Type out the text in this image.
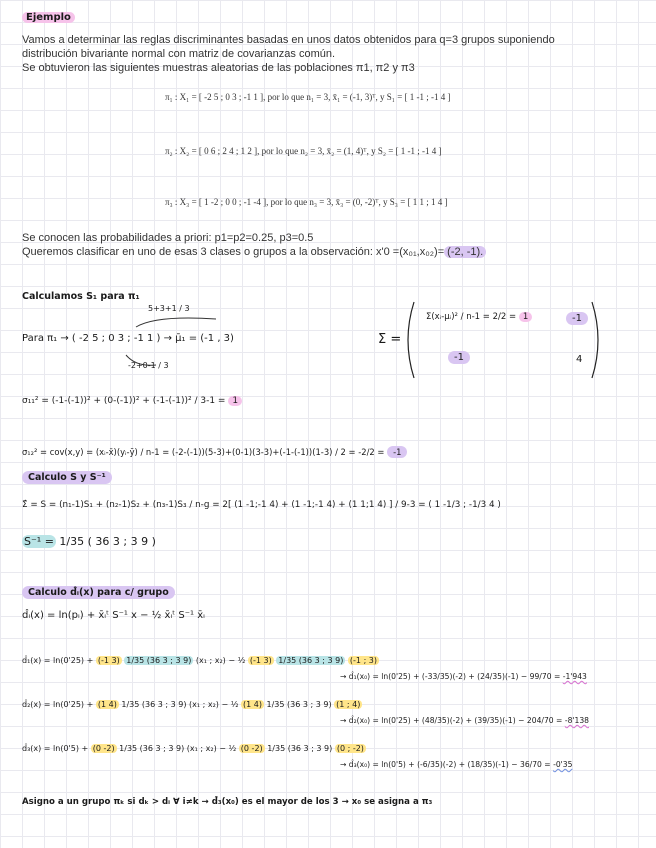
Ejemplo
Vamos a determinar las reglas discriminantes basadas en unos datos obtenidos para q=3 grupos suponiendo
distribución bivariante normal con matriz de covarianzas común.
Se obtuvieron las siguientes muestras aleatorias de las poblaciones π1, π2 y π3
π₁ : X₁ = [ -2 5 ; 0 3 ; -1 1 ], por lo que n₁ = 3, x̄₁ = (-1, 3)ᵀ, y S₁ = [ 1 -1 ; -1 4 ]
π₂ : X₂ = [ 0 6 ; 2 4 ; 1 2 ], por lo que n₂ = 3, x̄₂ = (1, 4)ᵀ, y S₂ = [ 1 -1 ; -1 4 ]
π₃ : X₃ = [ 1 -2 ; 0 0 ; -1 -4 ], por lo que n₃ = 3, x̄₃ = (0, -2)ᵀ, y S₃ = [ 1 1 ; 1 4 ]
Se conocen las probabilidades a priori: p1=p2=0.25, p3=0.5
Queremos clasificar en uno de esas 3 clases o grupos a la observación: x'0 =(x₀₁,x₀₂)= (-2, -1).
Calculamos S₁ para π₁
5+3+1 / 3
Para π₁ → ( -2 5 ; 0 3 ; -1 1 ) → μ̄₁ = (-1 , 3)
-2+0-1 / 3
Σ =
Σ(xᵢ-μᵢ)² / n-1 = 2/2 = 1	-1
-1	4
σ₁₁² = (-1-(-1))² + (0-(-1))² + (-1-(-1))² / 3-1 = 1
σ₁₂² = cov(x,y) = (xᵢ-x̄)(yᵢ-ȳ) / n-1 = (-2-(-1))(5-3)+(0-1)(3-3)+(-1-(-1))(1-3) / 2 = -2/2 = -1
Calculo S y S⁻¹
Σ̂ = S = (n₁-1)S₁ + (n₂-1)S₂ + (n₃-1)S₃ / n-g = 2[ (1 -1;-1 4) + (1 -1;-1 4) + (1 1;1 4) ] / 9-3 = ( 1 -1/3 ; -1/3 4 )
S⁻¹ = 1/35 ( 36 3 ; 3 9 )
Calculo d̂ᵢ(x) para c/ grupo
d̂ᵢ(x) = ln(pᵢ) + x̄ᵢᵗ S⁻¹ x − ½ x̄ᵢᵗ S⁻¹ x̄ᵢ
d̂₁(x) = ln(0'25) + (-1 3) 1/35 (36 3 ; 3 9) (x₁ ; x₂) − ½ (-1 3) 1/35 (36 3 ; 3 9) (-1 ; 3)
→ d̂₁(x₀) = ln(0'25) + (-33/35)(-2) + (24/35)(-1) − 99/70 = -1'943
d̂₂(x) = ln(0'25) + (1 4) 1/35 (36 3 ; 3 9) (x₁ ; x₂) − ½ (1 4) 1/35 (36 3 ; 3 9) (1 ; 4)
→ d̂₂(x₀) = ln(0'25) + (48/35)(-2) + (39/35)(-1) − 204/70 = -8'138
d̂₃(x) = ln(0'5) + (0 -2) 1/35 (36 3 ; 3 9) (x₁ ; x₂) − ½ (0 -2) 1/35 (36 3 ; 3 9) (0 ; -2)
→ d̂₃(x₀) = ln(0'5) + (-6/35)(-2) + (18/35)(-1) − 36/70 = -0'35
Asigno a un grupo πₖ si dₖ > dᵢ ∀ i≠k → d̂₃(x₀) es el mayor de los 3 → x₀ se asigna a π₃
